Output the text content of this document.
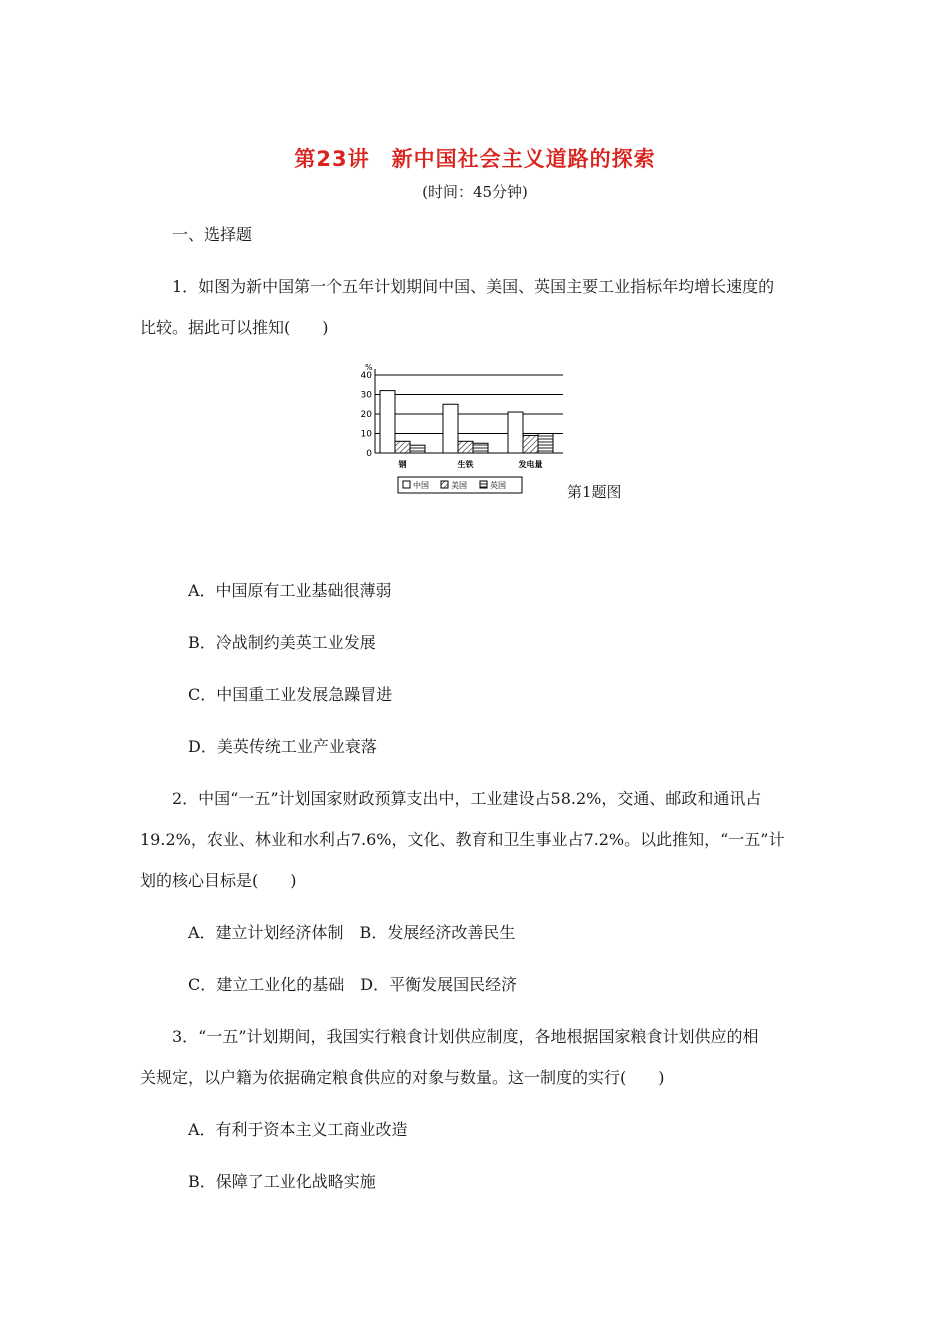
第23讲　新中国社会主义道路的探索
(时间：45分钟)
一、选择题
1．如图为新中国第一个五年计划期间中国、美国、英国主要工业指标年均增长速度的
比较。据此可以推知(　　)
%
0
10
20
30
40
钢	生铁	发电量
中国	美国	英国	第1题图
A．中国原有工业基础很薄弱
B．冷战制约美英工业发展
C．中国重工业发展急躁冒进
D．美英传统工业产业衰落
2．中国“一五”计划国家财政预算支出中，工业建设占58.2%，交通、邮政和通讯占
19.2%，农业、林业和水利占7.6%，文化、教育和卫生事业占7.2%。以此推知，“一五”计
划的核心目标是(　　)
A．建立计划经济体制　B．发展经济改善民生
C．建立工业化的基础　D．平衡发展国民经济
3．“一五”计划期间，我国实行粮食计划供应制度，各地根据国家粮食计划供应的相
关规定，以户籍为依据确定粮食供应的对象与数量。这一制度的实行(　　)
A．有利于资本主义工商业改造
B．保障了工业化战略实施
